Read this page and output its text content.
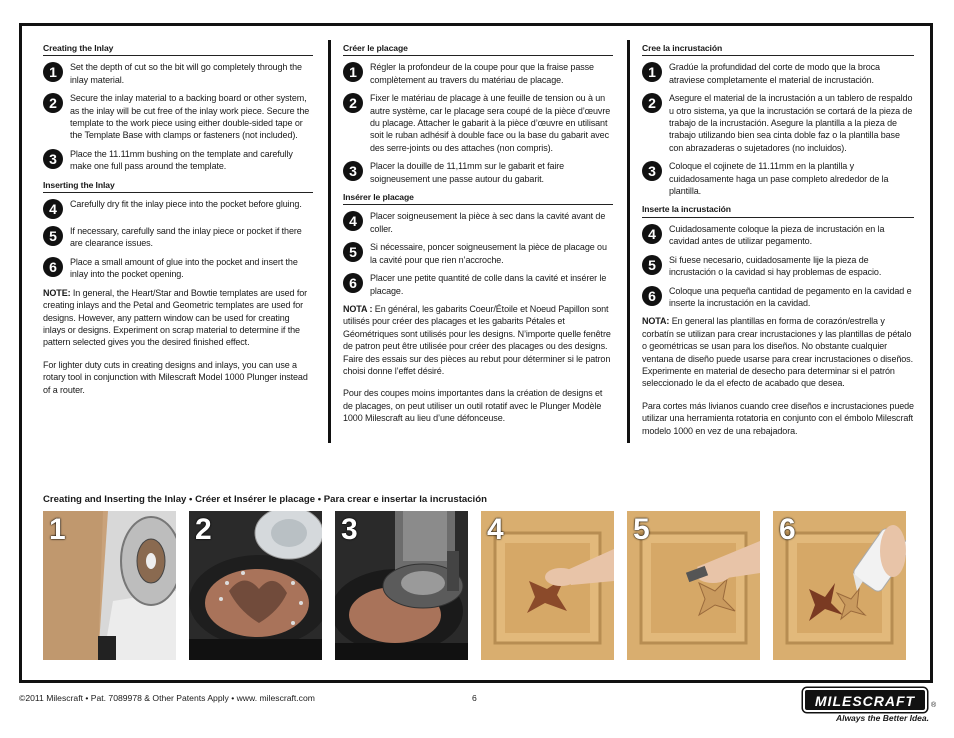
Creating the Inlay
1	Set the depth of cut so the bit will go completely through the inlay material.
2	Secure the inlay material to a backing board or other system, as the inlay will be cut free of the inlay work piece. Secure the template to the work piece using either double-sided tape or the Template Base with clamps or fasteners (not included).
3	Place the 11.11mm bushing on the template and carefully make one full pass around the template.
Inserting the Inlay
4	Carefully dry fit the inlay piece into the pocket before gluing.
5	If necessary, carefully sand the inlay piece or pocket if there are clearance issues.
6	Place a small amount of glue into the pocket and insert the inlay into the pocket opening.
NOTE: In general, the Heart/Star and Bowtie templates are used for creating inlays and the Petal and Geometric templates are used for designs. However, any pattern window can be used for creating inlays or designs. Experiment on scrap material to determine if the pattern selected gives you the desired finished effect.
For lighter duty cuts in creating designs and inlays, you can use a rotary tool in conjunction with Milescraft Model 1000 Plunger instead of a router.
Créer le placage
1	Régler la profondeur de la coupe pour que la fraise passe complètement au travers du matériau de placage.
2	Fixer le matériau de placage à une feuille de tension ou à un autre système, car le placage sera coupé de la pièce d’œuvre du placage. Attacher le gabarit à la pièce d’œuvre en utilisant soit le ruban adhésif à double face ou la base du gabarit avec des serre-joints ou des attaches (non compris).
3	Placer la douille de 11,11mm sur le gabarit et faire soigneusement une passe autour du gabarit.
Insérer le placage
4	Placer soigneusement la pièce à sec dans la cavité avant de coller.
5	Si nécessaire, poncer soigneusement la pièce de placage ou la cavité pour que rien n’accroche.
6	Placer une petite quantité de colle dans la cavité et insérer le placage.
NOTA : En général, les gabarits Coeur/Étoile et Noeud Papillon sont utilisés pour créer des placages et les gabarits Pétales et Géométriques sont utilisés pour les designs. N’importe quelle fenêtre de patron peut être utilisée pour créer des placages ou des designs. Faire des essais sur des pièces au rebut pour déterminer si le patron choisi donne l’effet désiré.
Pour des coupes moins importantes dans la création de designs et de placages, on peut utiliser un outil rotatif avec le Plunger Modèle 1000 Milescraft au lieu d’une défonceuse.
Cree la incrustación
1	Gradúe la profundidad del corte de modo que la broca atraviese completamente el material de incrustación.
2	Asegure el material de la incrustación a un tablero de respaldo u otro sistema, ya que la incrustación se cortará de la pieza de trabajo de la incrustación. Asegure la plantilla a la pieza de trabajo utilizando bien sea cinta doble faz o la plantilla base con abrazaderas o sujetadores (no incluidos).
3	Coloque el cojinete de 11.11mm en la plantilla y cuidadosamente haga un pase completo alrededor de la plantilla.
Inserte la incrustación
4	Cuidadosamente coloque la pieza de incrustación en la cavidad antes de utilizar pegamento.
5	Si fuese necesario, cuidadosamente lije la pieza de incrustación o la cavidad si hay problemas de espacio.
6	Coloque una pequeña cantidad de pegamento en la cavidad e inserte la incrustación en la cavidad.
NOTA: En general las plantillas en forma de corazón/estrella y corbatín se utilizan para crear incrustaciones y las plantillas de pétalo o geométricas se usan para los diseños. No obstante cualquier ventana de diseño puede usarse para crear incrustaciones o diseños. Experimente en material de desecho para determinar si el patrón seleccionado le da el efecto de acabado que desea.
Para cortes más livianos cuando cree diseños e incrustaciones puede utilizar una herramienta rotatoria en conjunto con el émbolo Milescraft modelo 1000 en vez de una rebajadora.
Creating and Inserting the Inlay • Créer et Insérer le placage • Para crear e insertar la incrustación
1	2	3	4	5	6
©2011 Milescraft • Pat. 7089978 & Other Patents Apply • www. milescraft.com	6	MILESCRAFT	®
Always the Better Idea.
